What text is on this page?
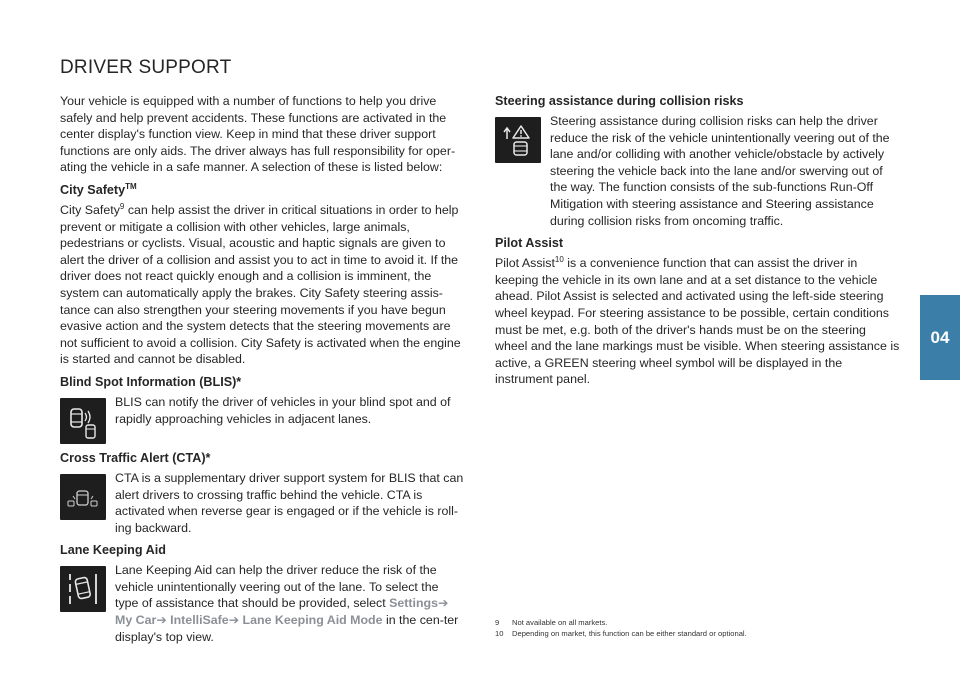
DRIVER SUPPORT

Your vehicle is equipped with a number of functions to help you drive safely and help prevent accidents. These functions are activated in the center display's function view. Keep in mind that these driver support functions are only aids. The driver always has full responsibility for oper-ating the vehicle in a safe manner. A selection of these is listed below:

City Safety™

City Safety$^9$ can help assist the driver in critical situations in order to help prevent or mitigate a collision with other vehicles, large animals, pedestrians or cyclists. Visual, acoustic and haptic signals are given to alert the driver of a collision and assist you to act in time to avoid it. If the driver does not react quickly enough and a collision is imminent, the system can automatically apply the brakes. City Safety steering assis-tance can also strengthen your steering movements if you have begun evasive action and the system detects that the steering movements are not sufficient to avoid a collision. City Safety is activated when the engine is started and cannot be disabled.

Blind Spot Information (BLIS)*

BLIS can notify the driver of vehicles in your blind spot and of rapidly approaching vehicles in adjacent lanes.

Cross Traffic Alert (CTA)*

CTA is a supplementary driver support system for BLIS that can alert drivers to crossing traffic behind the vehicle. CTA is activated when reverse gear is engaged or if the vehicle is roll-ing backward.

Lane Keeping Aid

Lane Keeping Aid can help the driver reduce the risk of the vehicle unintentionally veering out of the lane. To select the type of assistance that should be provided, select Settings➔ My Car➔ IntelliSafe➔ Lane Keeping Aid Mode in the cen-ter display's top view.

Steering assistance during collision risks

Steering assistance during collision risks can help the driver reduce the risk of the vehicle unintentionally veering out of the lane and/or colliding with another vehicle/obstacle by actively steering the vehicle back into the lane and/or swerving out of the way. The function consists of the sub-functions Run-Off Mitigation with steering assistance and Steering assistance during collision risks from oncoming traffic.

Pilot Assist

Pilot Assist$^{10}$ is a convenience function that can assist the driver in keeping the vehicle in its own lane and at a set distance to the vehicle ahead. Pilot Assist is selected and activated using the left-side steering wheel keypad. For steering assistance to be possible, certain conditions must be met, e.g. both of the driver's hands must be on the steering wheel and the lane markings must be visible. When steering assistance is active, a GREEN steering wheel symbol will be displayed in the instrument panel.

9	Not available on all markets.
10	Depending on market, this function can be either standard or optional.
04
